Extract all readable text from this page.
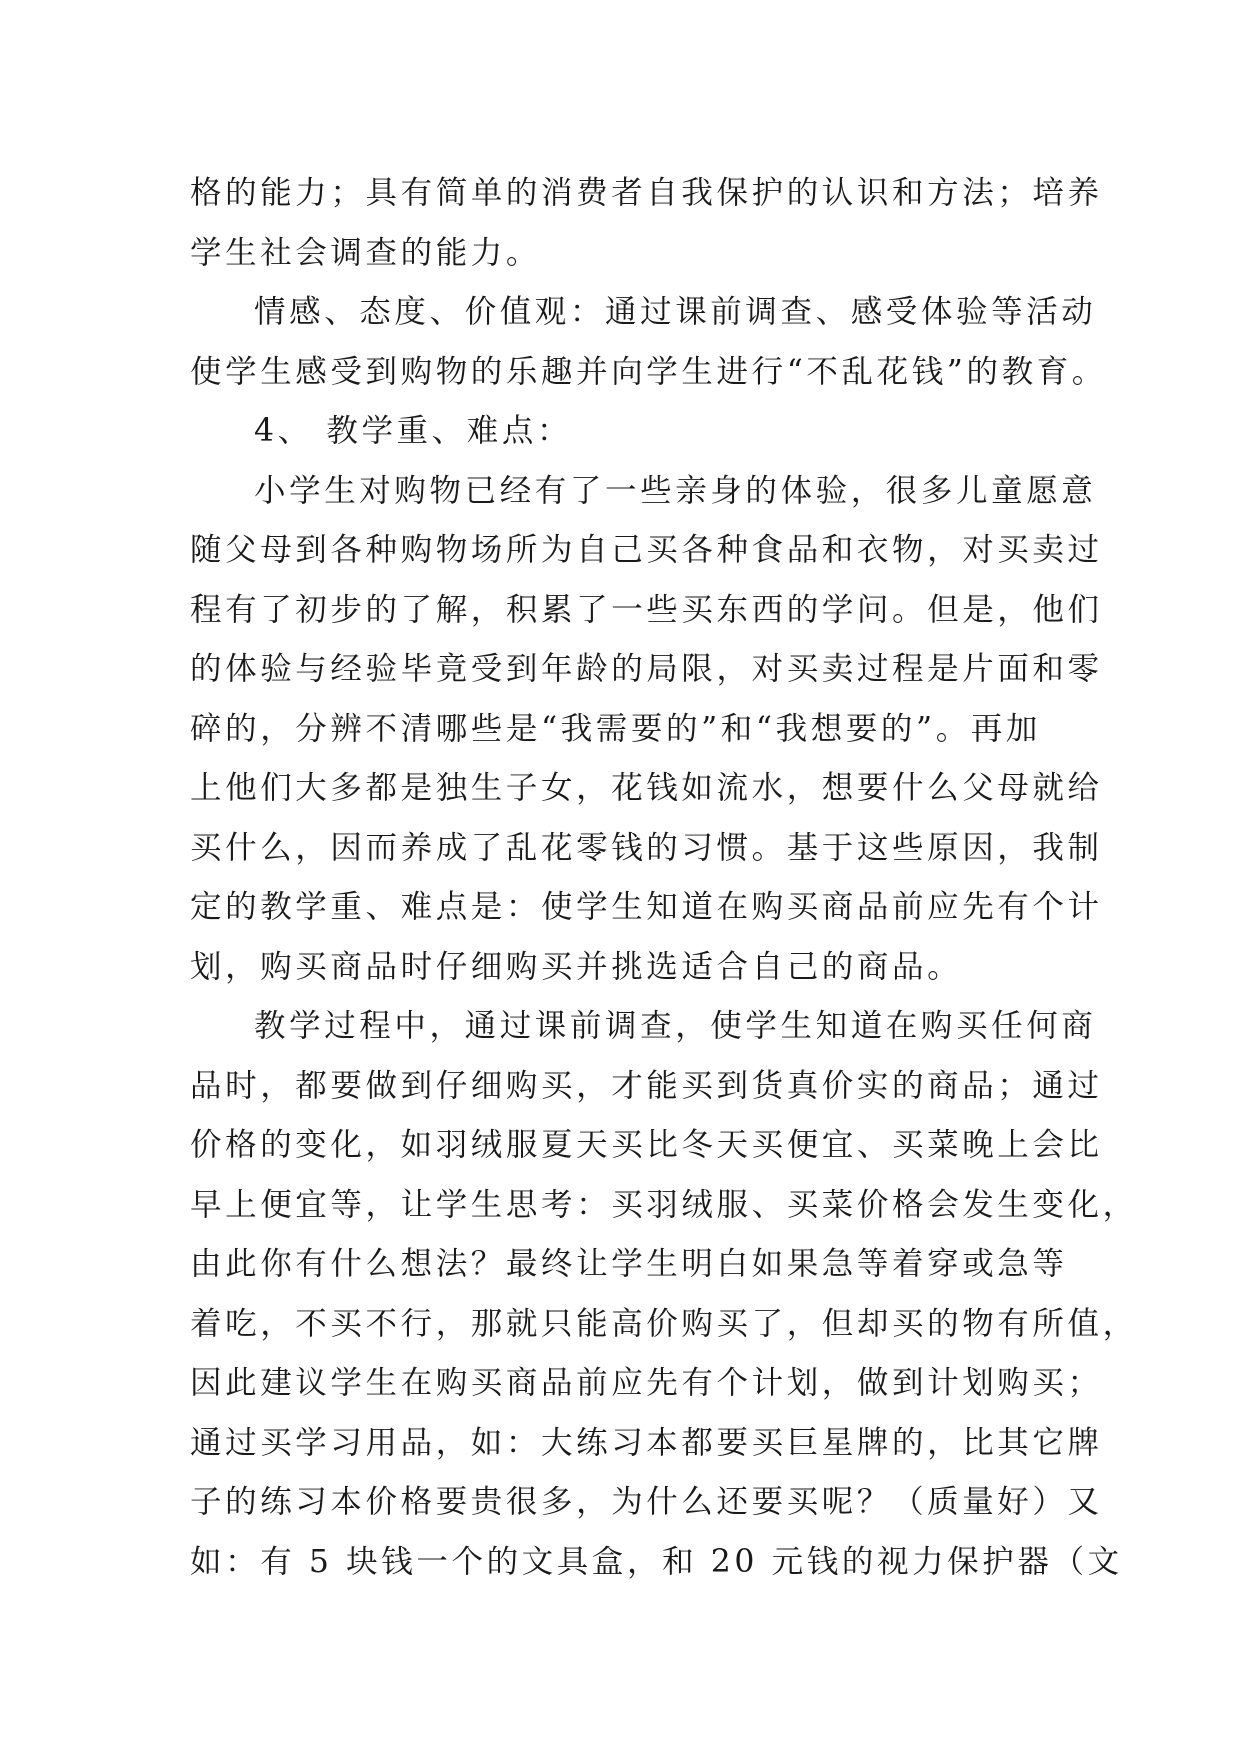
格的能力；具有简单的消费者自我保护的认识和方法；培养
学生社会调查的能力。
情感、态度、价值观：通过课前调查、感受体验等活动
使学生感受到购物的乐趣并向学生进行“不乱花钱”的教育。
4、 教学重、难点：
小学生对购物已经有了一些亲身的体验，很多儿童愿意
随父母到各种购物场所为自己买各种食品和衣物，对买卖过
程有了初步的了解，积累了一些买东西的学问。但是，他们
的体验与经验毕竟受到年龄的局限，对买卖过程是片面和零
碎的，分辨不清哪些是“我需要的”和“我想要的”。再加
上他们大多都是独生子女，花钱如流水，想要什么父母就给
买什么，因而养成了乱花零钱的习惯。基于这些原因，我制
定的教学重、难点是：使学生知道在购买商品前应先有个计
划，购买商品时仔细购买并挑选适合自己的商品。
教学过程中，通过课前调查，使学生知道在购买任何商
品时，都要做到仔细购买，才能买到货真价实的商品；通过
价格的变化，如羽绒服夏天买比冬天买便宜、买菜晚上会比
早上便宜等，让学生思考：买羽绒服、买菜价格会发生变化，
由此你有什么想法？最终让学生明白如果急等着穿或急等
着吃，不买不行，那就只能高价购买了，但却买的物有所值，
因此建议学生在购买商品前应先有个计划，做到计划购买；
通过买学习用品，如：大练习本都要买巨星牌的，比其它牌
子的练习本价格要贵很多，为什么还要买呢？（质量好）又
如：有 5 块钱一个的文具盒，和 20 元钱的视力保护器（文
